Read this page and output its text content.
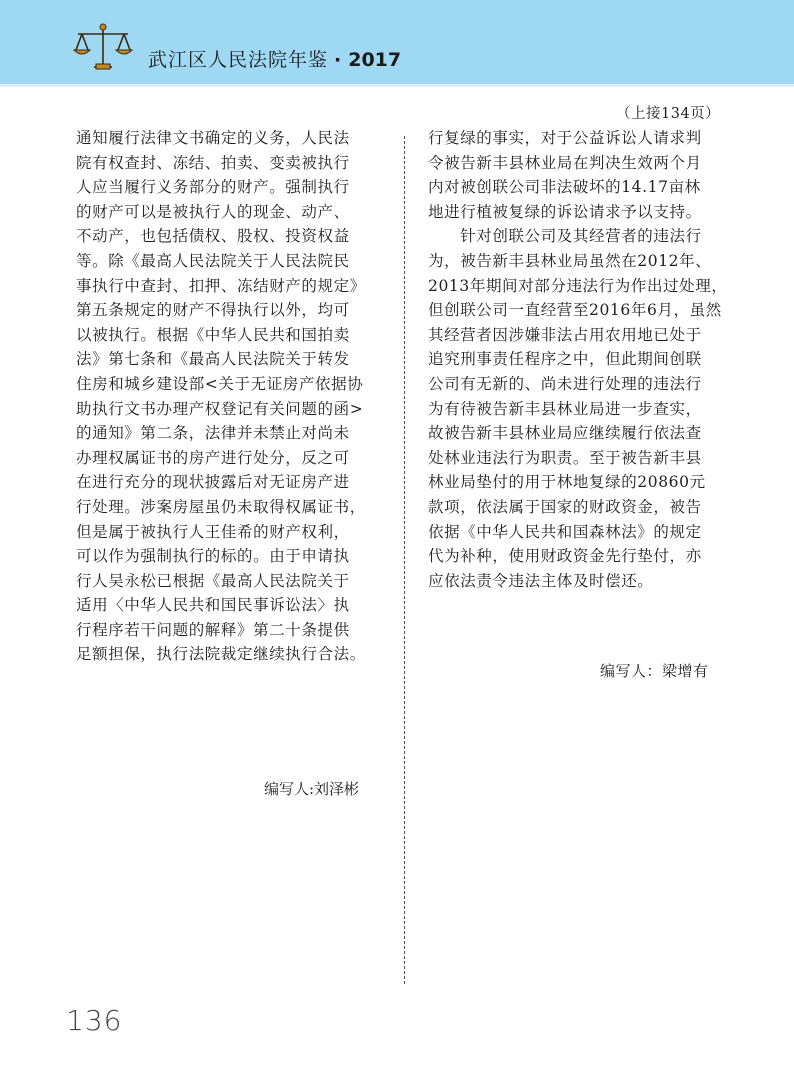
武江区人民法院年鉴 · 2017
（上接134页）

通知履行法律文书确定的义务，人民法

院有权查封、冻结、拍卖、变卖被执行

人应当履行义务部分的财产。强制执行

的财产可以是被执行人的现金、动产、

不动产，也包括债权、股权、投资权益

等。除《最高人民法院关于人民法院民

事执行中查封、扣押、冻结财产的规定》

第五条规定的财产不得执行以外，均可

以被执行。根据《中华人民共和国拍卖

法》第七条和《最高人民法院关于转发

住房和城乡建设部<关于无证房产依据协

助执行文书办理产权登记有关问题的函>

的通知》第二条，法律并未禁止对尚未

办理权属证书的房产进行处分，反之可

在进行充分的现状披露后对无证房产进

行处理。涉案房屋虽仍未取得权属证书，

但是属于被执行人王佳希的财产权利，

可以作为强制执行的标的。由于申请执

行人吴永松已根据《最高人民法院关于

适用〈中华人民共和国民事诉讼法〉执

行程序若干问题的解释》第二十条提供

足额担保，执行法院裁定继续执行合法。

编写人:刘泽彬

行复绿的事实，对于公益诉讼人请求判

令被告新丰县林业局在判决生效两个月

内对被创联公司非法破坏的14.17亩林

地进行植被复绿的诉讼请求予以支持。

　　针对创联公司及其经营者的违法行

为，被告新丰县林业局虽然在2012年、

2013年期间对部分违法行为作出过处理，

但创联公司一直经营至2016年6月，虽然

其经营者因涉嫌非法占用农用地已处于

追究刑事责任程序之中，但此期间创联

公司有无新的、尚未进行处理的违法行

为有待被告新丰县林业局进一步查实，

故被告新丰县林业局应继续履行依法查

处林业违法行为职责。至于被告新丰县

林业局垫付的用于林地复绿的20860元

款项，依法属于国家的财政资金，被告

依据《中华人民共和国森林法》的规定

代为补种，使用财政资金先行垫付，亦

应依法责令违法主体及时偿还。

编写人：梁增有
136
